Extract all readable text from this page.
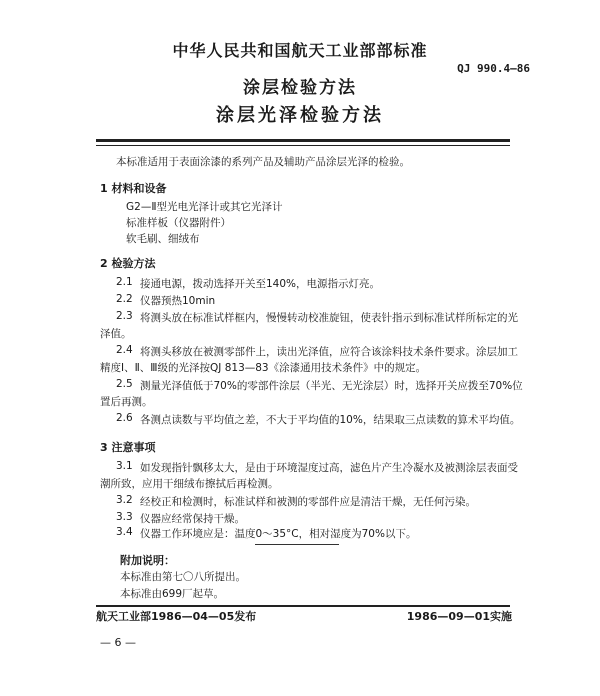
中华人民共和国航天工业部部标准
QJ 990.4—86
涂层检验方法
涂层光泽检验方法
本标准适用于表面涂漆的系列产品及辅助产品涂层光泽的检验。
1 材料和设备
G2—Ⅱ型光电光泽计或其它光泽计
标准样板（仪器附件）
软毛刷、细绒布
2 检验方法
2.1 接通电源，拨动选择开关至140%，电源指示灯亮。
2.2 仪器预热10min
2.3 将测头放在标准试样框内，慢慢转动校准旋钮，使表针指示到标准试样所标定的光
泽值。
2.4 将测头移放在被测零部件上，读出光泽值，应符合该涂料技术条件要求。涂层加工
精度Ⅰ、Ⅱ、Ⅲ级的光泽按QJ 813—83《涂漆通用技术条件》中的规定。
2.5 测量光泽值低于70%的零部件涂层（半光、无光涂层）时，选择开关应拨至70%位
置后再测。
2.6 各测点读数与平均值之差，不大于平均值的10%，结果取三点读数的算术平均值。
3 注意事项
3.1 如发现指针飘移太大，是由于环境湿度过高，滤色片产生冷凝水及被测涂层表面受
潮所致，应用干细绒布擦拭后再检测。
3.2 经校正和检测时，标准试样和被测的零部件应是清洁干燥，无任何污染。
3.3 仪器应经常保持干燥。
3.4 仪器工作环境应是：温度0～35°C，相对湿度为70%以下。
附加说明：
本标准由第七〇八所提出。
本标准由699厂起草。
航天工业部1986—04—05发布	1986—09—01实施
— 6 —
